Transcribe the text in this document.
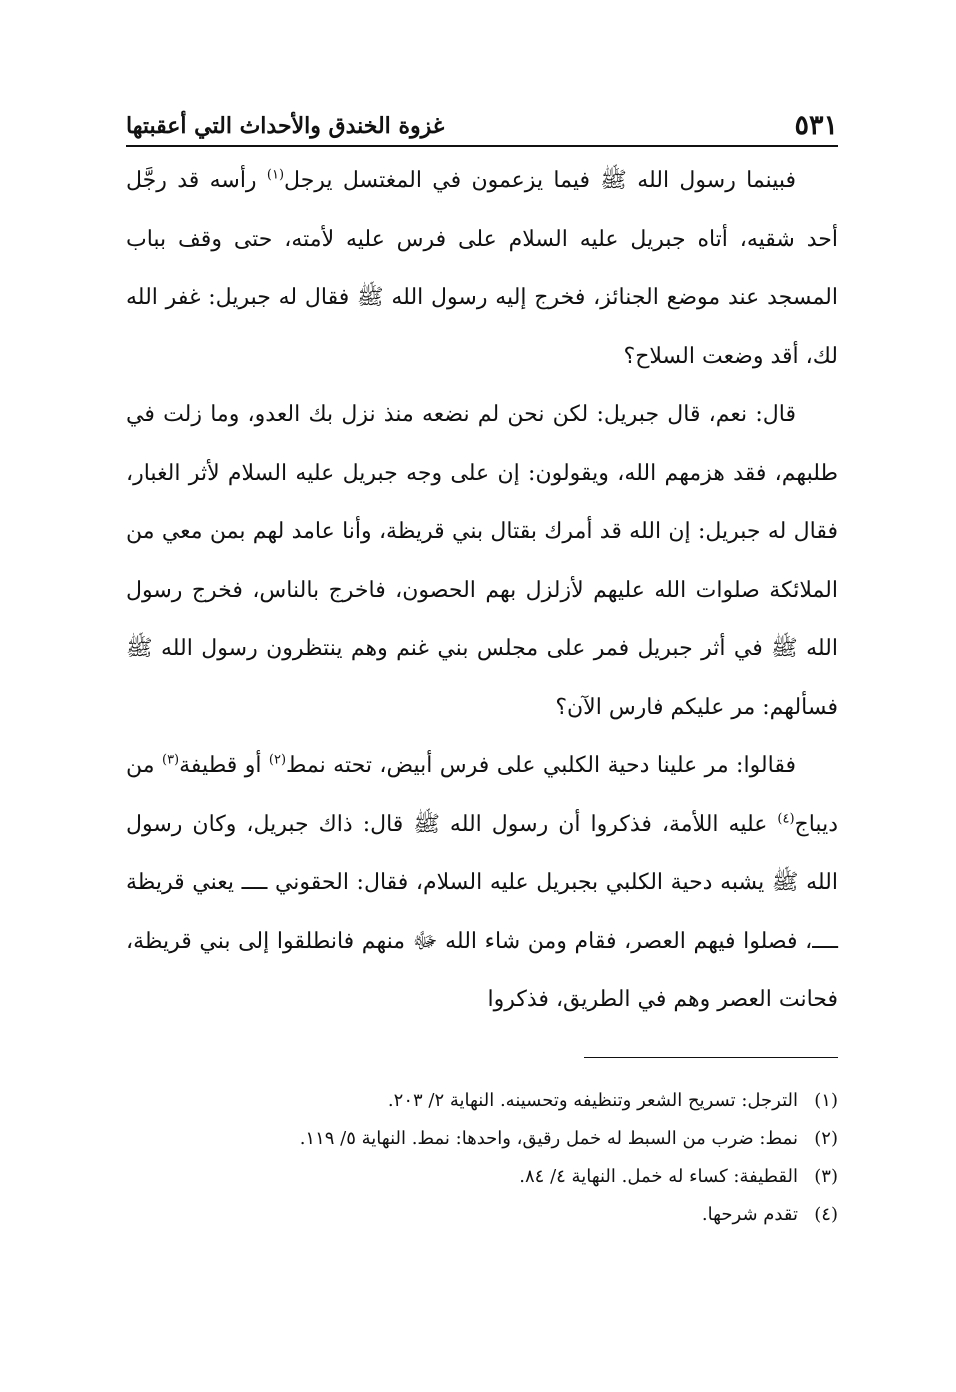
٥٣١
غزوة الخندق والأحداث التي أعقبتها

فبينما رسول الله ﷺ فيما يزعمون في المغتسل يرجل$^{(١)}$ رأسه قد رجَّل أحد شقيه، أتاه جبريل عليه السلام على فرس عليه لأمته، حتى وقف بباب المسجد عند موضع الجنائز، فخرج إليه رسول الله ﷺ فقال له جبريل: غفر الله لك، أقد وضعت السلاح؟

قال: نعم، قال جبريل: لكن نحن لم نضعه منذ نزل بك العدو، وما زلت في طلبهم، فقد هزمهم الله، ويقولون: إن على وجه جبريل عليه السلام لأثر الغبار، فقال له جبريل: إن الله قد أمرك بقتال بني قريظة، وأنا عامد لهم بمن معي من الملائكة صلوات الله عليهم لأزلزل بهم الحصون، فاخرج بالناس، فخرج رسول الله ﷺ في أثر جبريل فمر على مجلس بني غنم وهم ينتظرون رسول الله ﷺ فسألهم: مر عليكم فارس الآن؟

فقالوا: مر علينا دحية الكلبي على فرس أبيض، تحته نمط$^{(٢)}$ أو قطيفة$^{(٣)}$ من ديباج$^{(٤)}$ عليه اللأمة، فذكروا أن رسول الله ﷺ قال: ذاك جبريل، وكان رسول الله ﷺ يشبه دحية الكلبي بجبريل عليه السلام، فقال: الحقوني ــــ يعني قريظة ــــ، فصلوا فيهم العصر، فقام ومن شاء الله ﷻ منهم فانطلقوا إلى بني قريظة، فحانت العصر وهم في الطريق، فذكروا

(١)الترجل: تسريح الشعر وتنظيفه وتحسينه. النهاية ٢/ ٢٠٣.
(٢)نمط: ضرب من السبط له خمل رقيق، واحدها: نمط. النهاية ٥/ ١١٩.
(٣)القطيفة: كساء له خمل. النهاية ٤/ ٨٤.
(٤)تقدم شرحها.
